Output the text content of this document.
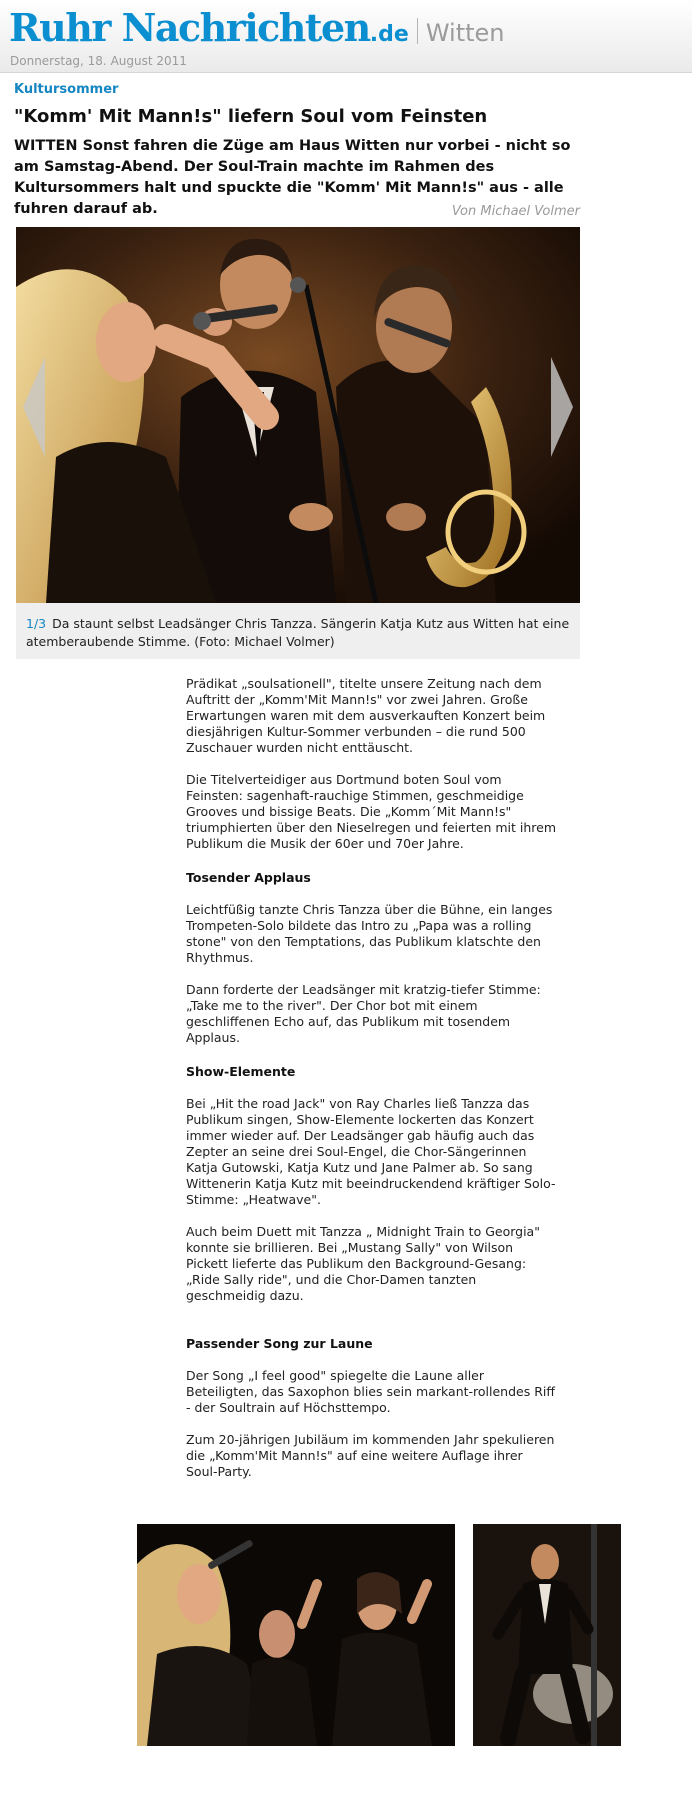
Ruhr Nachrichten.de Witten
Donnerstag, 18. August 2011
Kultursommer
"Komm' Mit Mann!s" liefern Soul vom Feinsten

WITTEN Sonst fahren die Züge am Haus Witten nur vorbei - nicht so am Samstag-Abend. Der Soul-Train machte im Rahmen des Kultursommers halt und spuckte die "Komm' Mit Mann!s" aus - alle fuhren darauf ab.	Von Michael Volmer

1/3 Da staunt selbst Leadsänger Chris Tanzza. Sängerin Katja Kutz aus Witten hat eine atemberaubende Stimme. (Foto: Michael Volmer)

Prädikat „soulsationell", titelte unsere Zeitung nach dem Auftritt der „Komm'Mit Mann!s" vor zwei Jahren. Große Erwartungen waren mit dem ausverkauften Konzert beim diesjährigen Kultur-Sommer verbunden – die rund 500 Zuschauer wurden nicht enttäuscht.

Die Titelverteidiger aus Dortmund boten Soul vom Feinsten: sagenhaft-rauchige Stimmen, geschmeidige Grooves und bissige Beats. Die „Komm´Mit Mann!s" triumphierten über den Nieselregen und feierten mit ihrem Publikum die Musik der 60er und 70er Jahre.

Tosender Applaus

Leichtfüßig tanzte Chris Tanzza über die Bühne, ein langes Trompeten-Solo bildete das Intro zu „Papa was a rolling stone" von den Temptations, das Publikum klatschte den Rhythmus.

Dann forderte der Leadsänger mit kratzig-tiefer Stimme: „Take me to the river". Der Chor bot mit einem geschliffenen Echo auf, das Publikum mit tosendem Applaus.

Show-Elemente

Bei „Hit the road Jack" von Ray Charles ließ Tanzza das Publikum singen, Show-Elemente lockerten das Konzert immer wieder auf. Der Leadsänger gab häufig auch das Zepter an seine drei Soul-Engel, die Chor-Sängerinnen Katja Gutowski, Katja Kutz und Jane Palmer ab. So sang Wittenerin Katja Kutz mit beeindruckendend kräftiger Solo-Stimme: „Heatwave".

Auch beim Duett mit Tanzza „ Midnight Train to Georgia" konnte sie brillieren. Bei „Mustang Sally" von Wilson Pickett lieferte das Publikum den Background-Gesang: „Ride Sally ride", und die Chor-Damen tanzten geschmeidig dazu.

Passender Song zur Laune

Der Song „I feel good" spiegelte die Laune aller Beteiligten, das Saxophon blies sein markant-rollendes Riff - der Soultrain auf Höchsttempo.

Zum 20-jährigen Jubiläum im kommenden Jahr spekulieren die „Komm'Mit Mann!s" auf eine weitere Auflage ihrer Soul-Party.
